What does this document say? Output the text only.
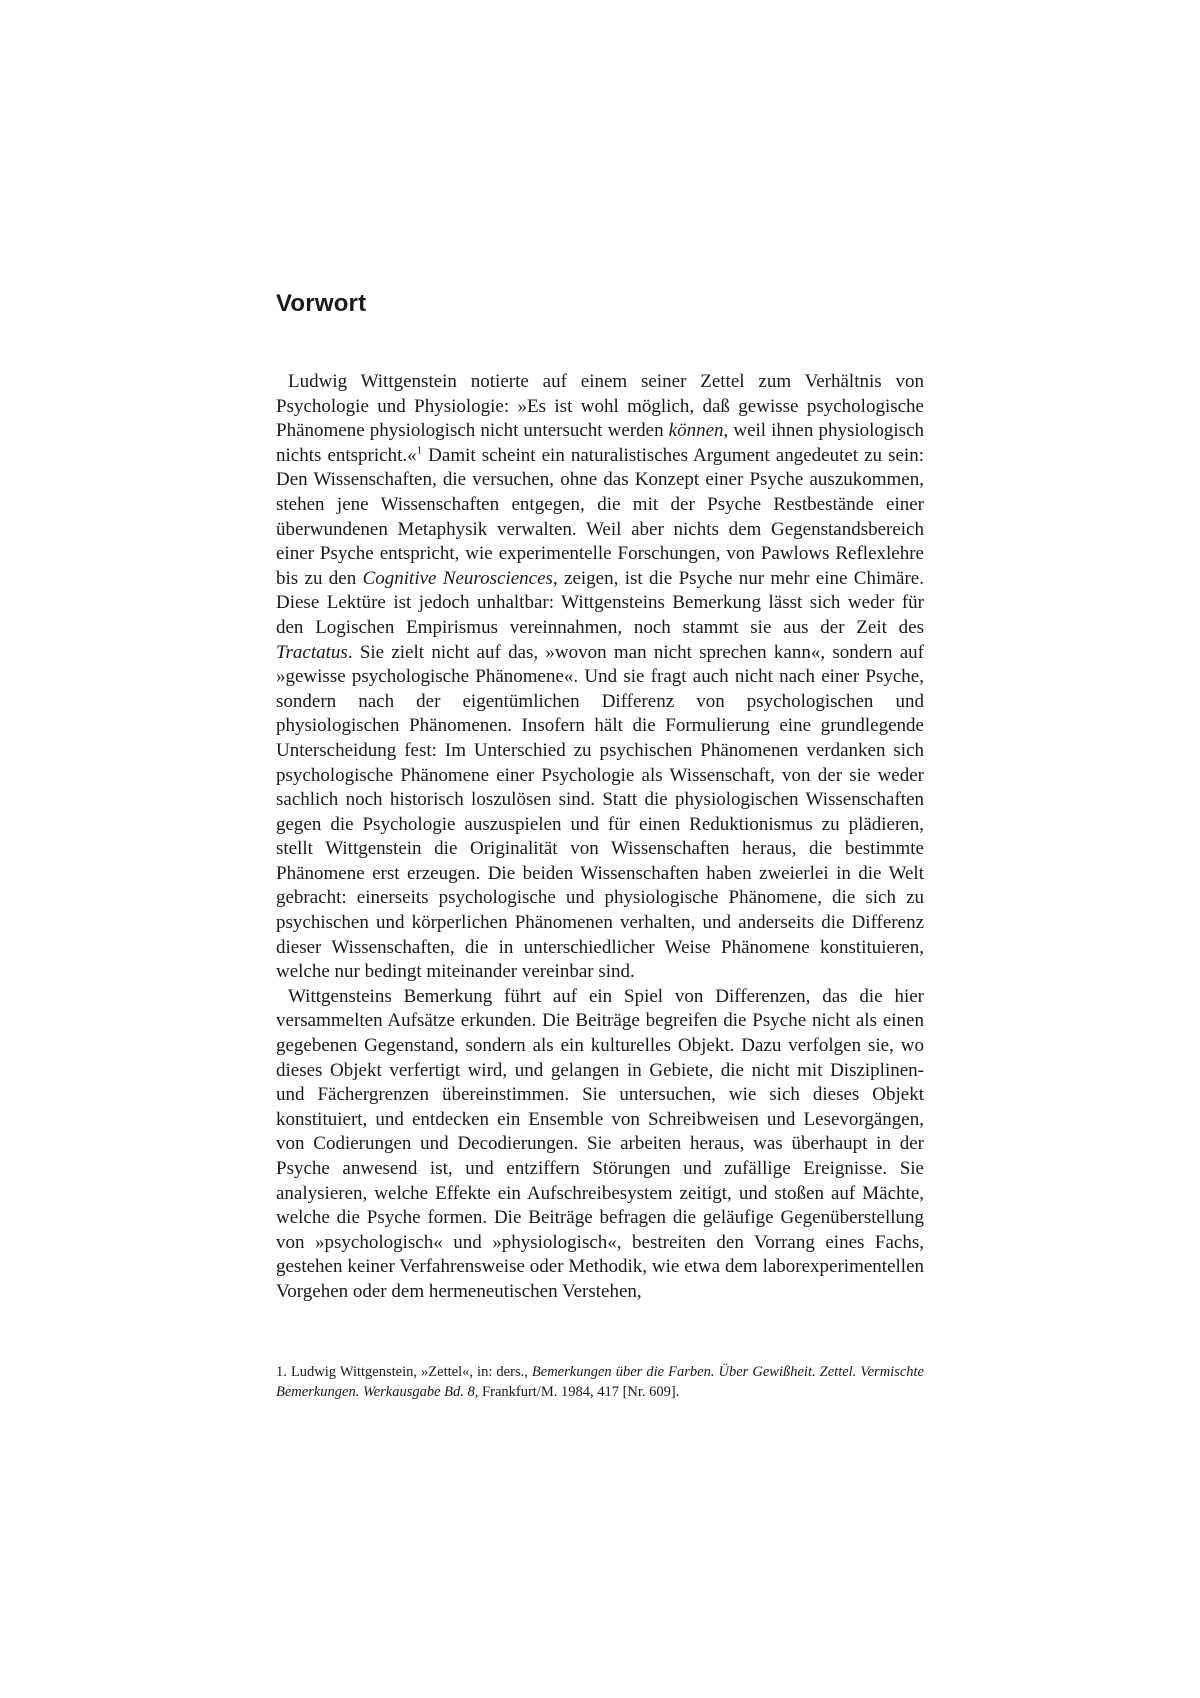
Vorwort

Ludwig Wittgenstein notierte auf einem seiner Zettel zum Verhältnis von Psychologie und Physiologie: »Es ist wohl möglich, daß gewisse psychologische Phänomene physiologisch nicht untersucht werden können, weil ihnen physiologisch nichts entspricht.«$^1$ Damit scheint ein naturalistisches Argument angedeutet zu sein: Den Wissenschaften, die versuchen, ohne das Konzept einer Psyche auszukommen, stehen jene Wissenschaften entgegen, die mit der Psyche Restbestände einer überwundenen Metaphysik verwalten. Weil aber nichts dem Gegenstandsbereich einer Psyche entspricht, wie experimentelle Forschungen, von Pawlows Reflexlehre bis zu den Cognitive Neurosciences, zeigen, ist die Psyche nur mehr eine Chimäre. Diese Lektüre ist jedoch unhaltbar: Wittgensteins Bemerkung lässt sich weder für den Logischen Empirismus vereinnahmen, noch stammt sie aus der Zeit des Tractatus. Sie zielt nicht auf das, »wovon man nicht sprechen kann«, sondern auf »gewisse psychologische Phänomene«. Und sie fragt auch nicht nach einer Psyche, sondern nach der eigentümlichen Differenz von psychologischen und physiologischen Phänomenen. Insofern hält die Formulierung eine grundlegende Unterscheidung fest: Im Unterschied zu psychischen Phänomenen verdanken sich psychologische Phänomene einer Psychologie als Wissenschaft, von der sie weder sachlich noch historisch loszulösen sind. Statt die physiologischen Wissenschaften gegen die Psychologie auszuspielen und für einen Reduktionismus zu plädieren, stellt Wittgenstein die Originalität von Wissenschaften heraus, die bestimmte Phänomene erst erzeugen. Die beiden Wissenschaften haben zweierlei in die Welt gebracht: einerseits psychologische und physiologische Phänomene, die sich zu psychischen und körperlichen Phänomenen verhalten, und anderseits die Differenz dieser Wissenschaften, die in unterschiedlicher Weise Phänomene konstituieren, welche nur bedingt miteinander vereinbar sind.

Wittgensteins Bemerkung führt auf ein Spiel von Differenzen, das die hier versammelten Aufsätze erkunden. Die Beiträge begreifen die Psyche nicht als einen gegebenen Gegenstand, sondern als ein kulturelles Objekt. Dazu verfolgen sie, wo dieses Objekt verfertigt wird, und gelangen in Gebiete, die nicht mit Disziplinen- und Fächergrenzen übereinstimmen. Sie untersuchen, wie sich dieses Objekt konstituiert, und entdecken ein Ensemble von Schreibweisen und Lesevorgängen, von Codierungen und Decodierungen. Sie arbeiten heraus, was überhaupt in der Psyche anwesend ist, und entziffern Störungen und zufällige Ereignisse. Sie analysieren, welche Effekte ein Aufschreibesystem zeitigt, und stoßen auf Mächte, welche die Psyche formen. Die Beiträge befragen die geläufige Gegenüberstellung von »psychologisch« und »physiologisch«, bestreiten den Vorrang eines Fachs, gestehen keiner Verfahrensweise oder Methodik, wie etwa dem laborexperimentellen Vorgehen oder dem hermeneutischen Verstehen,

1. Ludwig Wittgenstein, »Zettel«, in: ders., Bemerkungen über die Farben. Über Gewißheit. Zettel. Vermischte Bemerkungen. Werkausgabe Bd. 8, Frankfurt/M. 1984, 417 [Nr. 609].
